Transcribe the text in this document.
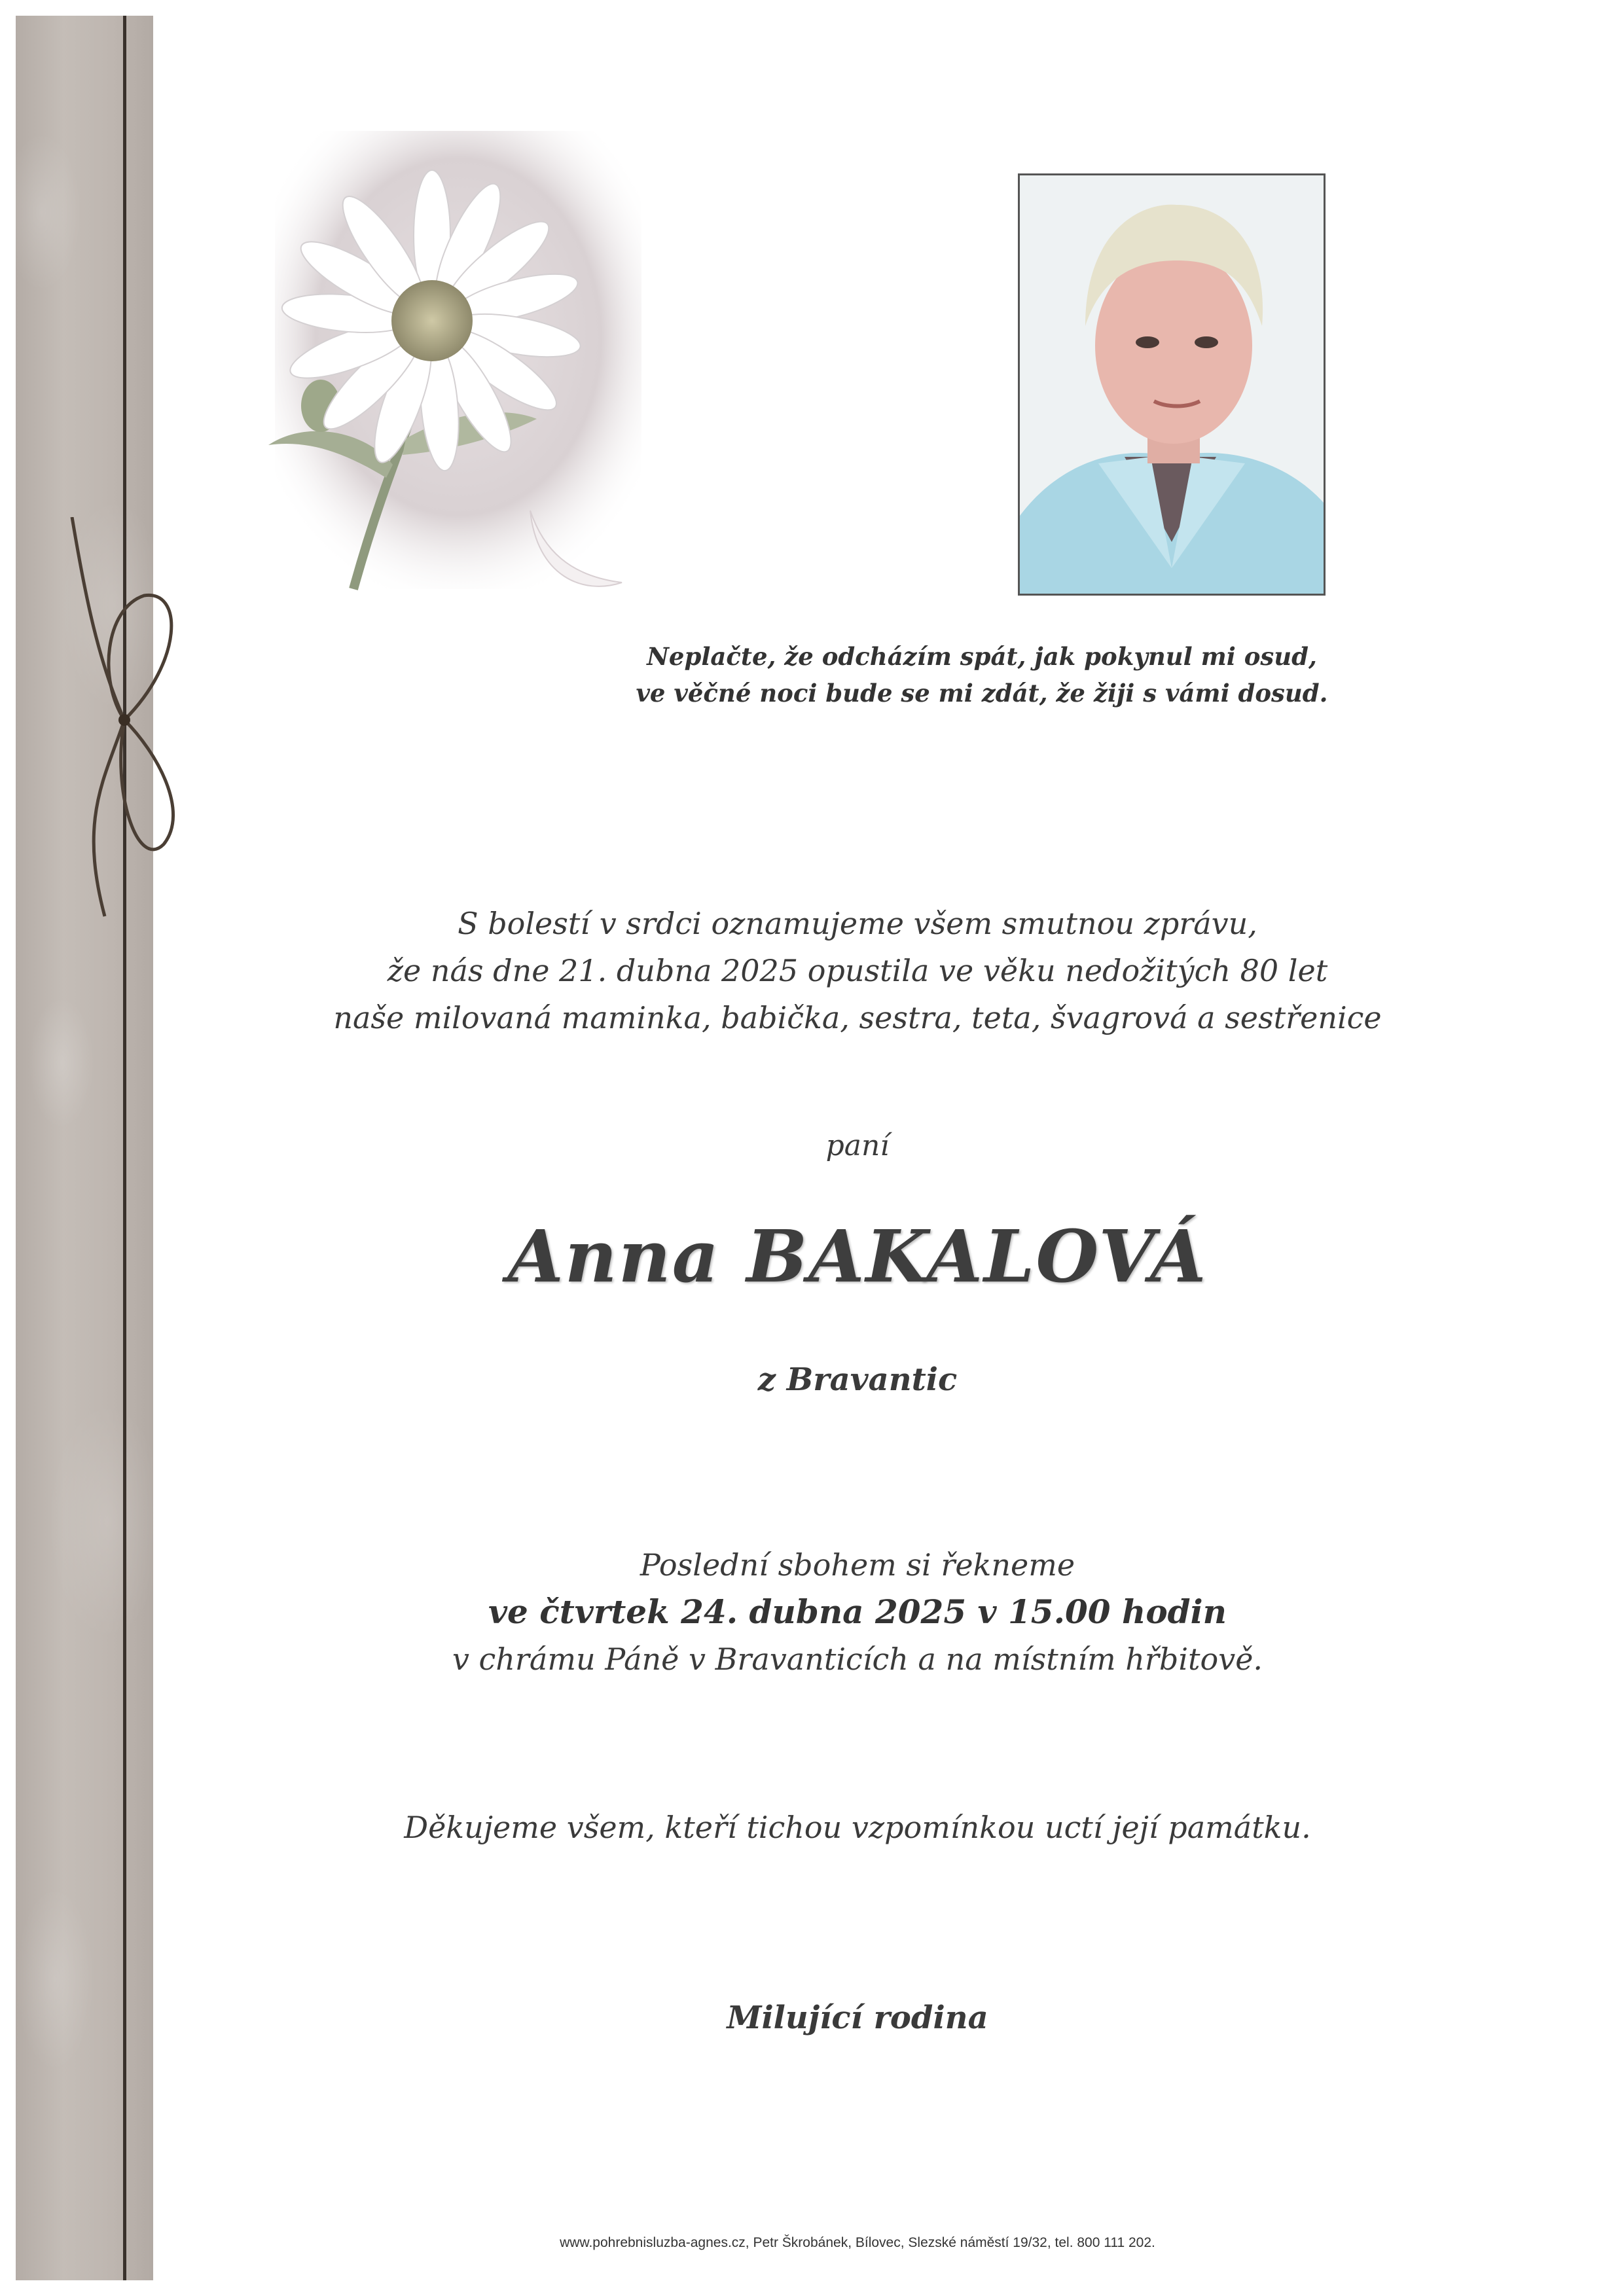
Neplačte, že odcházím spát, jak pokynul mi osud,
ve věčné noci bude se mi zdát, že žiji s vámi dosud.
S bolestí v srdci oznamujeme všem smutnou zprávu,
že nás dne 21. dubna 2025 opustila ve věku nedožitých 80 let
naše milovaná maminka, babička, sestra, teta, švagrová a sestřenice
paní
Anna BAKALOVÁ
z Bravantic
Poslední sbohem si řekneme
ve čtvrtek 24. dubna 2025 v 15.00 hodin
v chrámu Páně v Bravanticích a na místním hřbitově.
Děkujeme všem, kteří tichou vzpomínkou uctí její památku.
Milující rodina
www.pohrebnisluzba-agnes.cz, Petr Škrobánek, Bílovec, Slezské náměstí 19/32, tel. 800 111 202.
